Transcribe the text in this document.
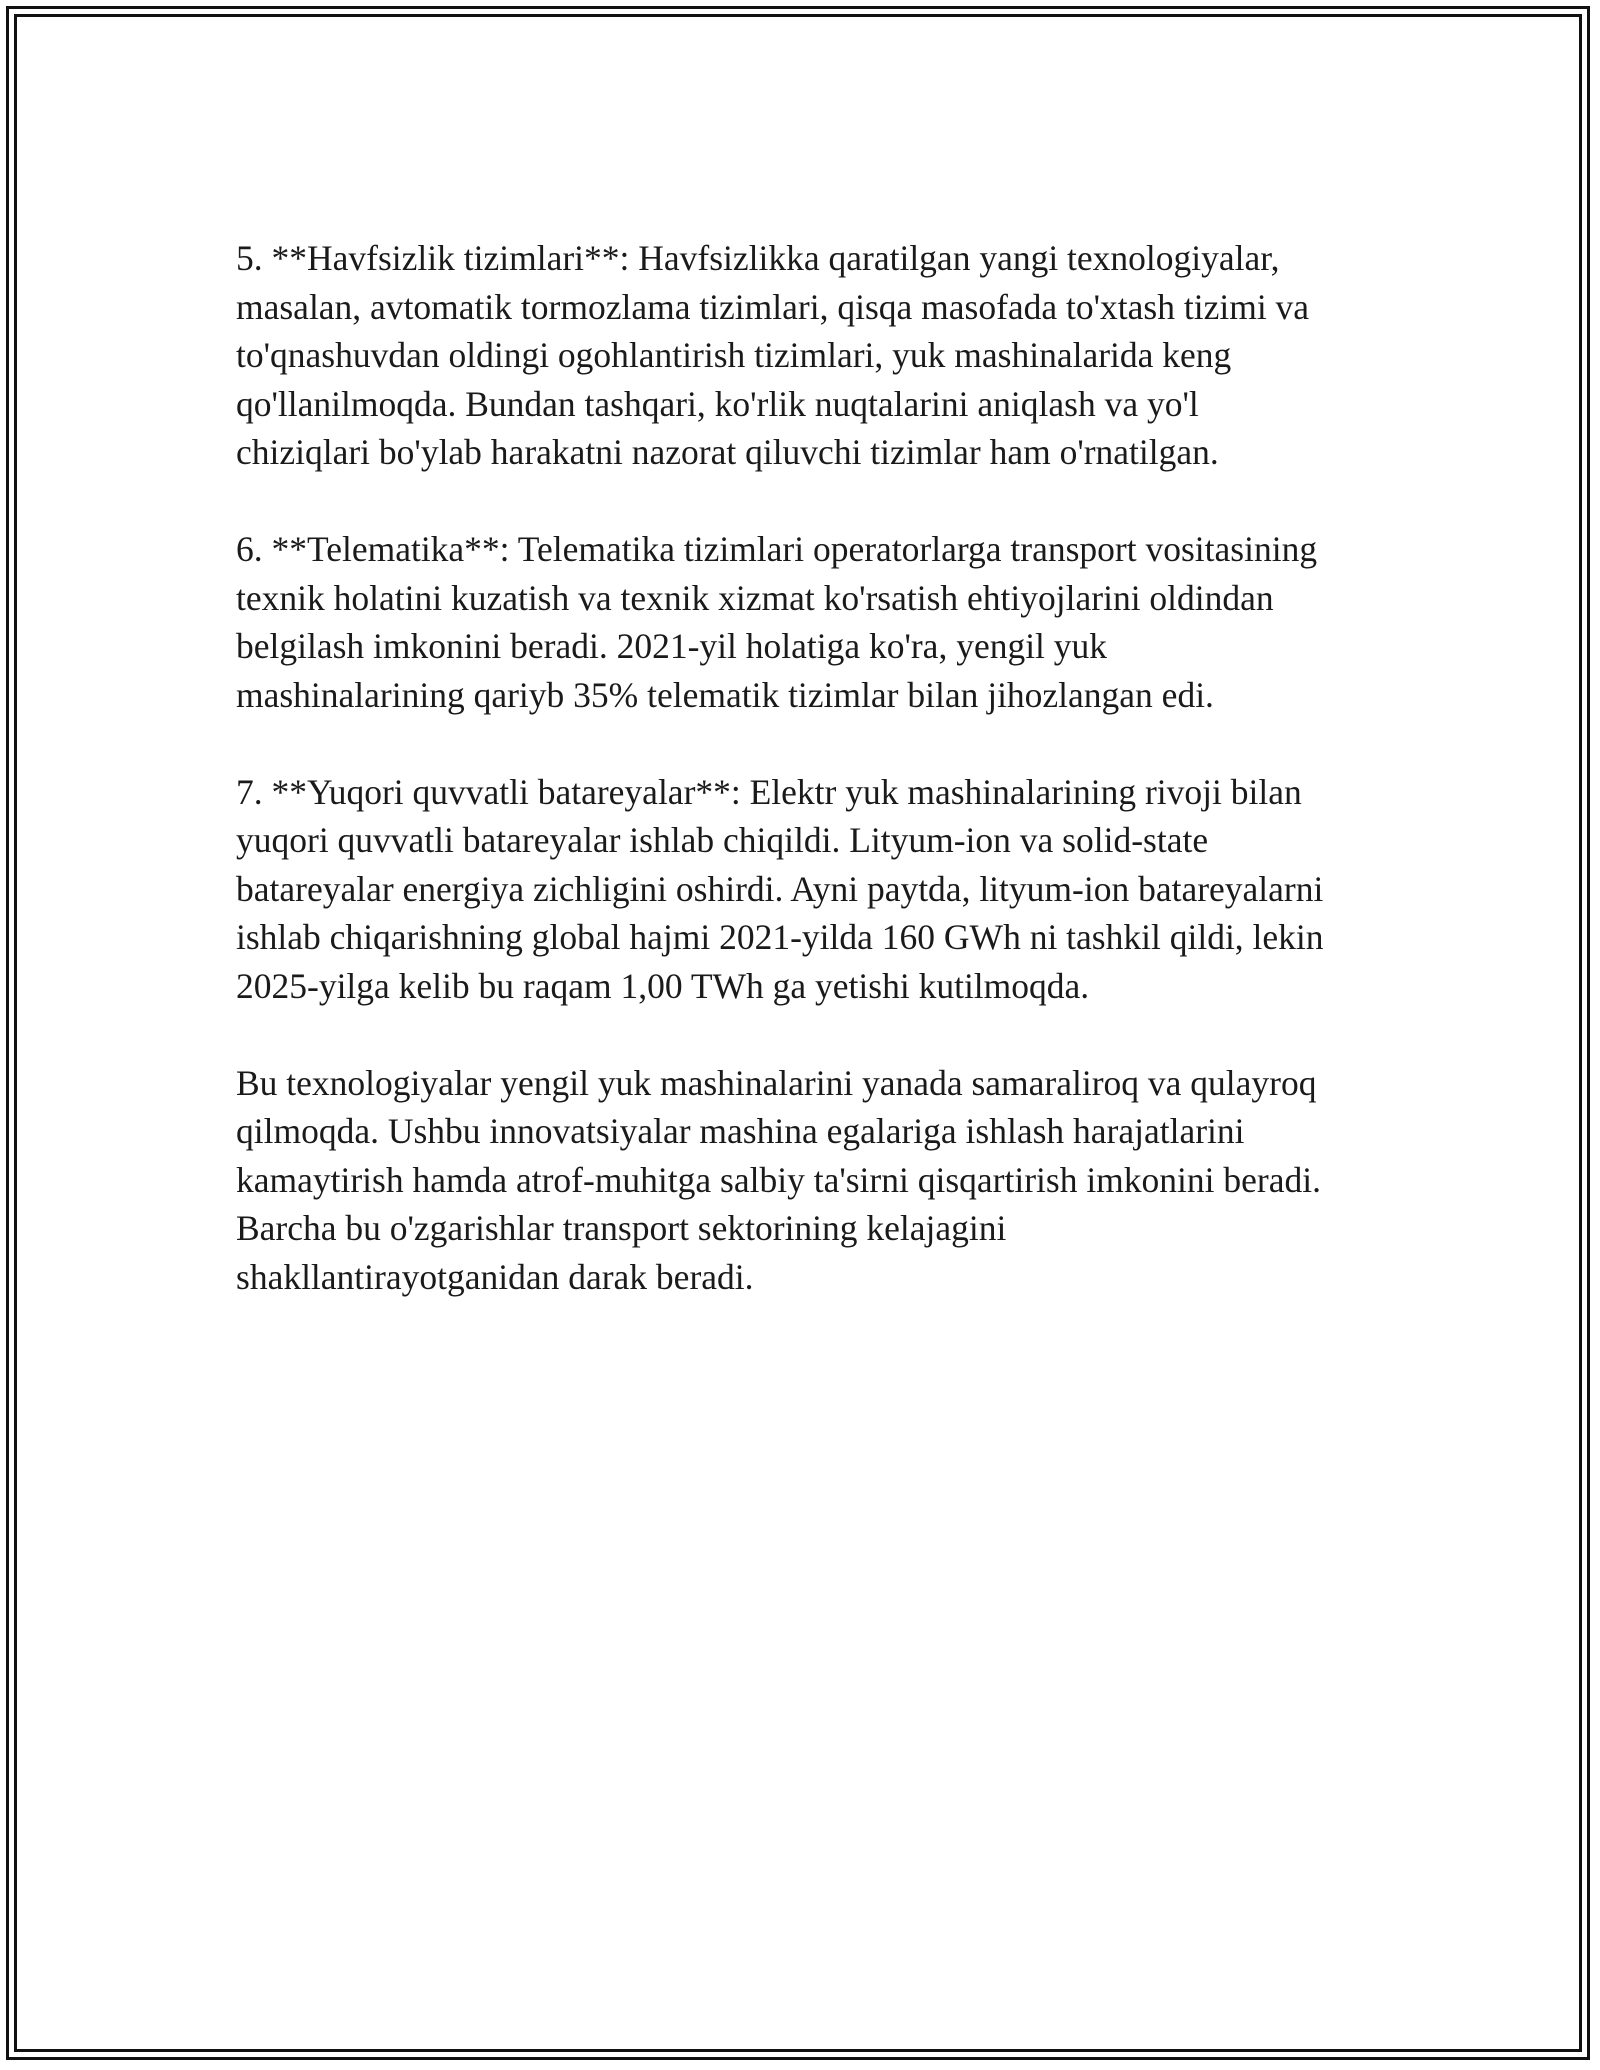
5. **Havfsizlik tizimlari**: Havfsizlikka qaratilgan yangi texnologiyalar,
masalan, avtomatik tormozlama tizimlari, qisqa masofada to'xtash tizimi va
to'qnashuvdan oldingi ogohlantirish tizimlari, yuk mashinalarida keng
qo'llanilmoqda. Bundan tashqari, ko'rlik nuqtalarini aniqlash va yo'l
chiziqlari bo'ylab harakatni nazorat qiluvchi tizimlar ham o'rnatilgan.

6. **Telematika**: Telematika tizimlari operatorlarga transport vositasining
texnik holatini kuzatish va texnik xizmat ko'rsatish ehtiyojlarini oldindan
belgilash imkonini beradi. 2021-yil holatiga ko'ra, yengil yuk
mashinalarining qariyb 35% telematik tizimlar bilan jihozlangan edi.

7. **Yuqori quvvatli batareyalar**: Elektr yuk mashinalarining rivoji bilan
yuqori quvvatli batareyalar ishlab chiqildi. Lityum-ion va solid-state
batareyalar energiya zichligini oshirdi. Ayni paytda, lityum-ion batareyalarni
ishlab chiqarishning global hajmi 2021-yilda 160 GWh ni tashkil qildi, lekin
2025-yilga kelib bu raqam 1,00 TWh ga yetishi kutilmoqda.

Bu texnologiyalar yengil yuk mashinalarini yanada samaraliroq va qulayroq
qilmoqda. Ushbu innovatsiyalar mashina egalariga ishlash harajatlarini
kamaytirish hamda atrof-muhitga salbiy ta'sirni qisqartirish imkonini beradi.
Barcha bu o'zgarishlar transport sektorining kelajagini
shakllantirayotganidan darak beradi.
